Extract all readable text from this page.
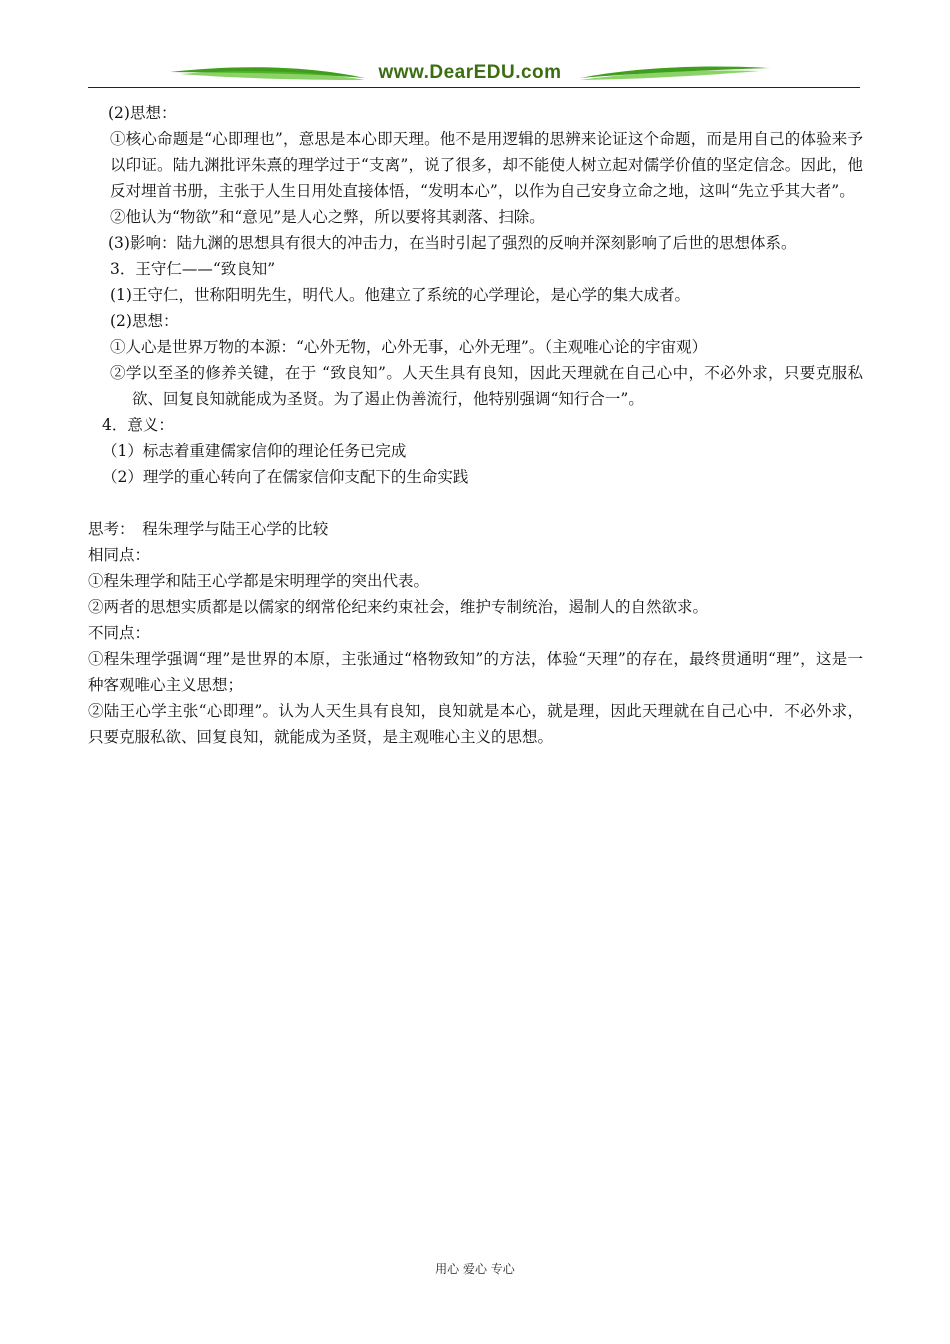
www.DearEDU.com

(2)思想：

①核心命题是“心即理也”，意思是本心即天理。他不是用逻辑的思辨来论证这个命题，而是用自己的体验来予以印证。陆九渊批评朱熹的理学过于“支离”，说了很多，却不能使人树立起对儒学价值的坚定信念。因此，他反对埋首书册，主张于人生日用处直接体悟，“发明本心”，以作为自己安身立命之地，这叫“先立乎其大者”。

②他认为“物欲”和“意见”是人心之弊，所以要将其剥落、扫除。

(3)影响：陆九渊的思想具有很大的冲击力，在当时引起了强烈的反响并深刻影响了后世的思想体系。

3．王守仁——“致良知”

(1)王守仁，世称阳明先生，明代人。他建立了系统的心学理论，是心学的集大成者。

(2)思想：

①人心是世界万物的本源：“心外无物，心外无事，心外无理”。（主观唯心论的宇宙观）

②学以至圣的修养关键，在于 “致良知”。人天生具有良知，因此天理就在自己心中，不必外求，只要克服私欲、回复良知就能成为圣贤。为了遏止伪善流行，他特别强调“知行合一”。

4．意义：

（1）标志着重建儒家信仰的理论任务已完成

（2）理学的重心转向了在儒家信仰支配下的生命实践

思考：　程朱理学与陆王心学的比较

相同点：

①程朱理学和陆王心学都是宋明理学的突出代表。

②两者的思想实质都是以儒家的纲常伦纪来约束社会，维护专制统治，遏制人的自然欲求。

不同点：

①程朱理学强调“理”是世界的本原，主张通过“格物致知”的方法，体验“天理”的存在，最终贯通明“理”，这是一种客观唯心主义思想；

②陆王心学主张“心即理”。认为人天生具有良知，良知就是本心，就是理，因此天理就在自己心中．不必外求，只要克服私欲、回复良知，就能成为圣贤，是主观唯心主义的思想。

用心 爱心 专心
